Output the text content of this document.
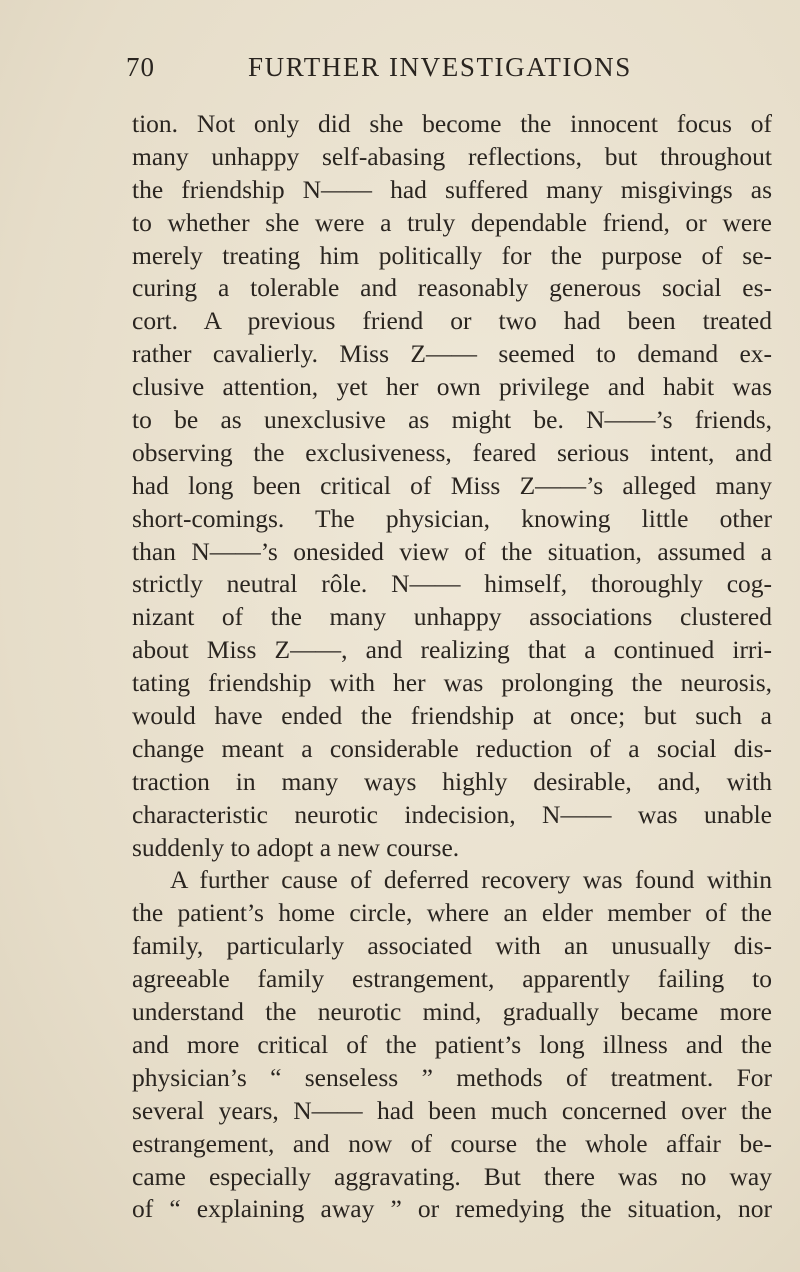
70	FURTHER INVESTIGATIONS
tion. Not only did she become the innocent focus of
many unhappy self-abasing reflections, but throughout
the friendship N—— had suffered many misgivings as
to whether she were a truly dependable friend, or were
merely treating him politically for the purpose of se-
curing a tolerable and reasonably generous social es-
cort. A previous friend or two had been treated
rather cavalierly. Miss Z—— seemed to demand ex-
clusive attention, yet her own privilege and habit was
to be as unexclusive as might be. N——’s friends,
observing the exclusiveness, feared serious intent, and
had long been critical of Miss Z——’s alleged many
short-comings. The physician, knowing little other
than N——’s onesided view of the situation, assumed a
strictly neutral rôle. N—— himself, thoroughly cog-
nizant of the many unhappy associations clustered
about Miss Z——, and realizing that a continued irri-
tating friendship with her was prolonging the neurosis,
would have ended the friendship at once; but such a
change meant a considerable reduction of a social dis-
traction in many ways highly desirable, and, with
characteristic neurotic indecision, N—— was unable
suddenly to adopt a new course.
A further cause of deferred recovery was found within
the patient’s home circle, where an elder member of the
family, particularly associated with an unusually dis-
agreeable family estrangement, apparently failing to
understand the neurotic mind, gradually became more
and more critical of the patient’s long illness and the
physician’s “ senseless ” methods of treatment. For
several years, N—— had been much concerned over the
estrangement, and now of course the whole affair be-
came especially aggravating. But there was no way
of “ explaining away ” or remedying the situation, nor
